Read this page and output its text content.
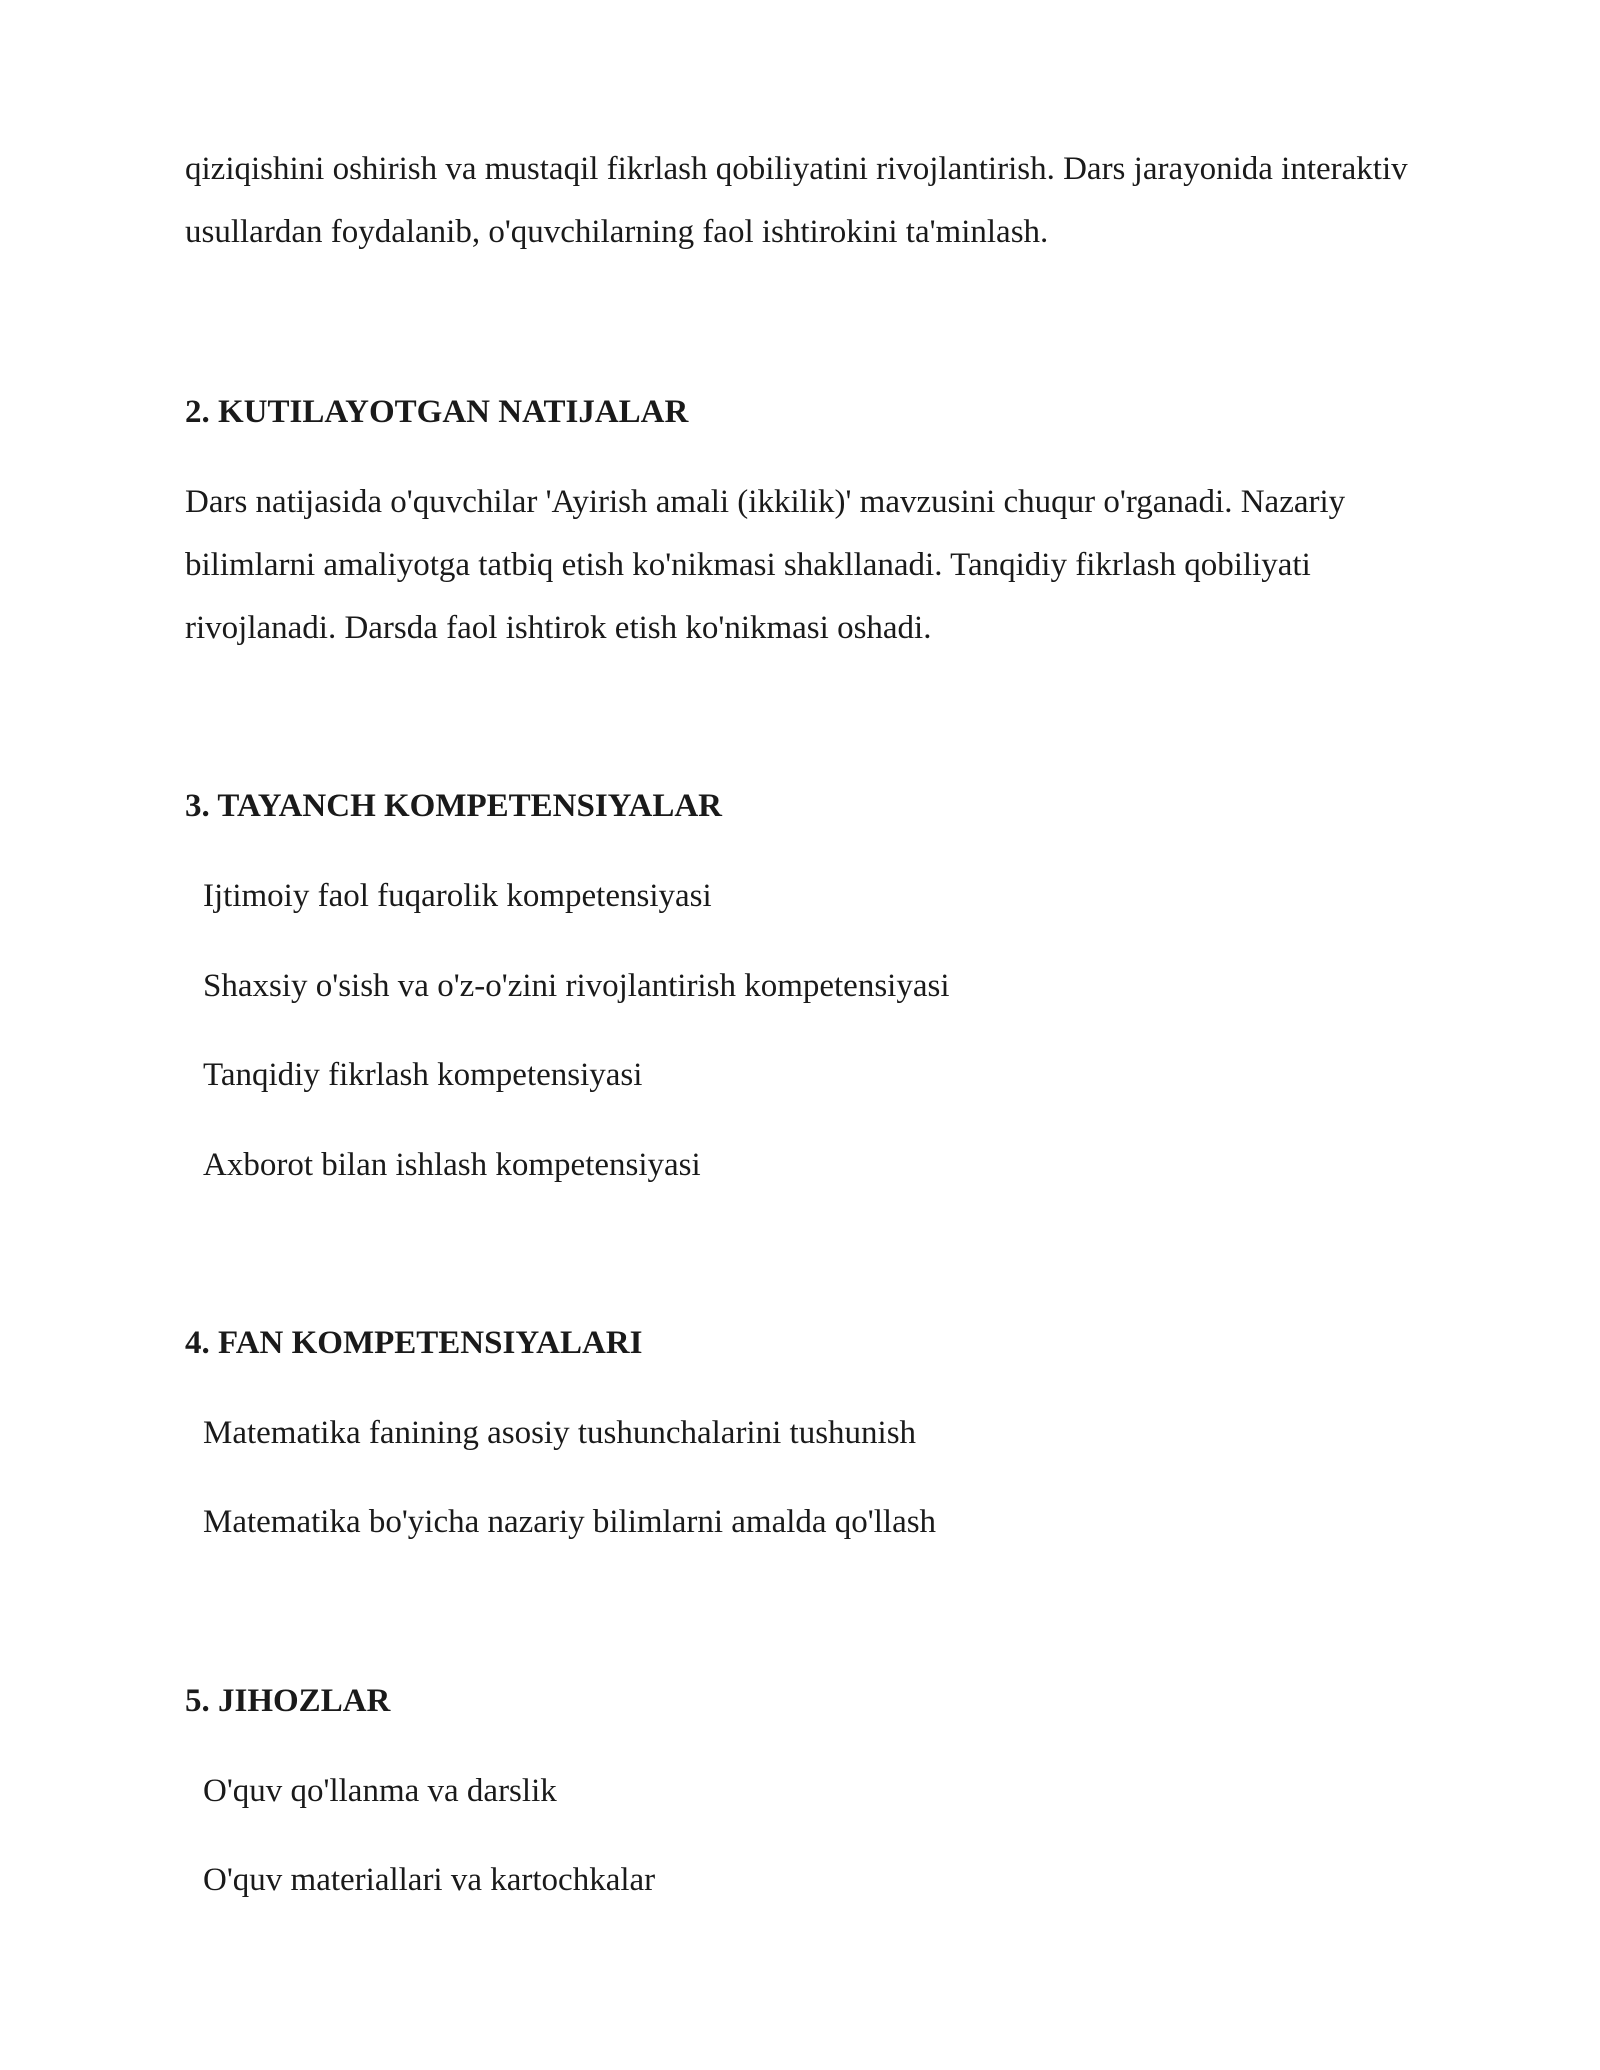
qiziqishini oshirish va mustaqil fikrlash qobiliyatini rivojlantirish. Dars jarayonida interaktiv usullardan foydalanib, o'quvchilarning faol ishtirokini ta'minlash.

2. KUTILAYOTGAN NATIJALAR

Dars natijasida o'quvchilar 'Ayirish amali (ikkilik)' mavzusini chuqur o'rganadi. Nazariy bilimlarni amaliyotga tatbiq etish ko'nikmasi shakllanadi. Tanqidiy fikrlash qobiliyati rivojlanadi. Darsda faol ishtirok etish ko'nikmasi oshadi.

3. TAYANCH KOMPETENSIYALAR
Ijtimoiy faol fuqarolik kompetensiyasi
Shaxsiy o'sish va o'z-o'zini rivojlantirish kompetensiyasi
Tanqidiy fikrlash kompetensiyasi
Axborot bilan ishlash kompetensiyasi
4. FAN KOMPETENSIYALARI
Matematika fanining asosiy tushunchalarini tushunish
Matematika bo'yicha nazariy bilimlarni amalda qo'llash
5. JIHOZLAR
O'quv qo'llanma va darslik
O'quv materiallari va kartochkalar
